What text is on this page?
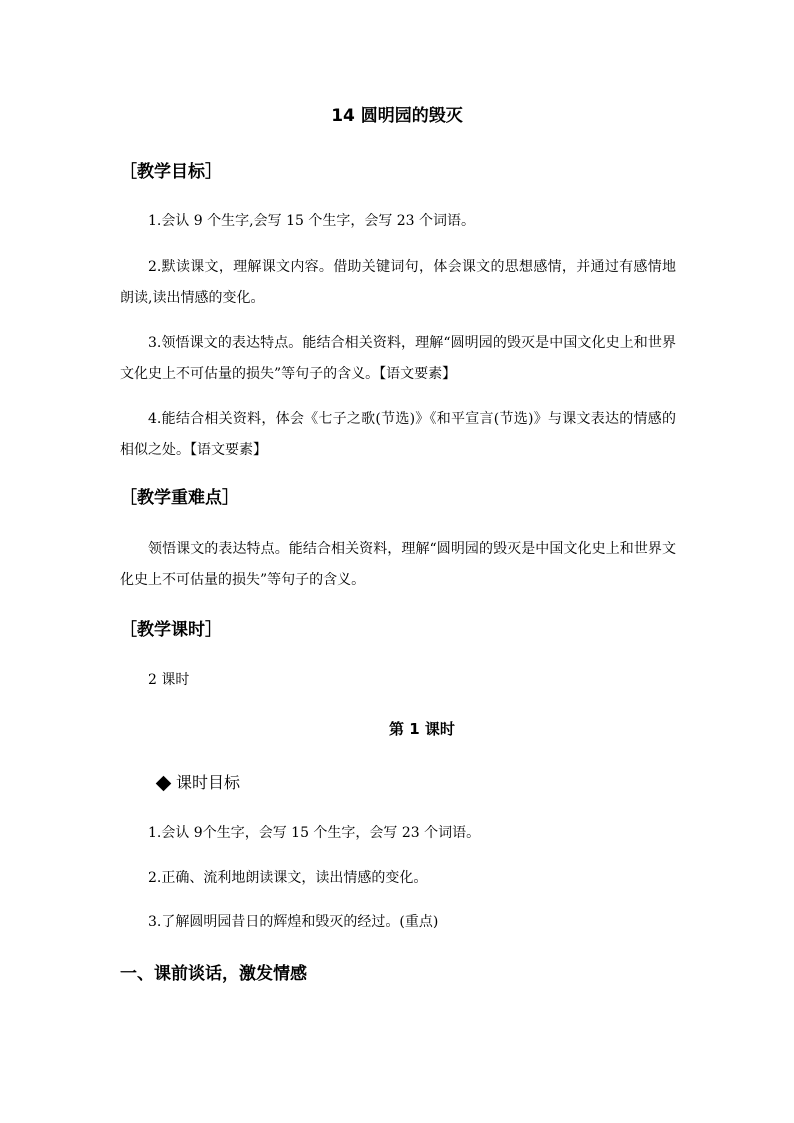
14 圆明园的毁灭
［教学目标］

1.会认 9 个生字,会写 15 个生字，会写 23 个词语。

2.默读课文，理解课文内容。借助关键词句，体会课文的思想感情，并通过有感情地朗读,读出情感的变化。

3.领悟课文的表达特点。能结合相关资料，理解“圆明园的毁灭是中国文化史上和世界文化史上不可估量的损失”等句子的含义。【语文要素】

4.能结合相关资料，体会《七子之歌(节选)》《和平宣言(节选)》与课文表达的情感的相似之处。【语文要素】

［教学重难点］

领悟课文的表达特点。能结合相关资料，理解“圆明园的毁灭是中国文化史上和世界文化史上不可估量的损失”等句子的含义。

［教学课时］

2 课时

第 1 课时
课时目标

1.会认 9个生字，会写 15 个生字，会写 23 个词语。

2.正确、流利地朗读课文，读出情感的变化。

3.了解圆明园昔日的辉煌和毁灭的经过。(重点)

一、课前谈话，激发情感
